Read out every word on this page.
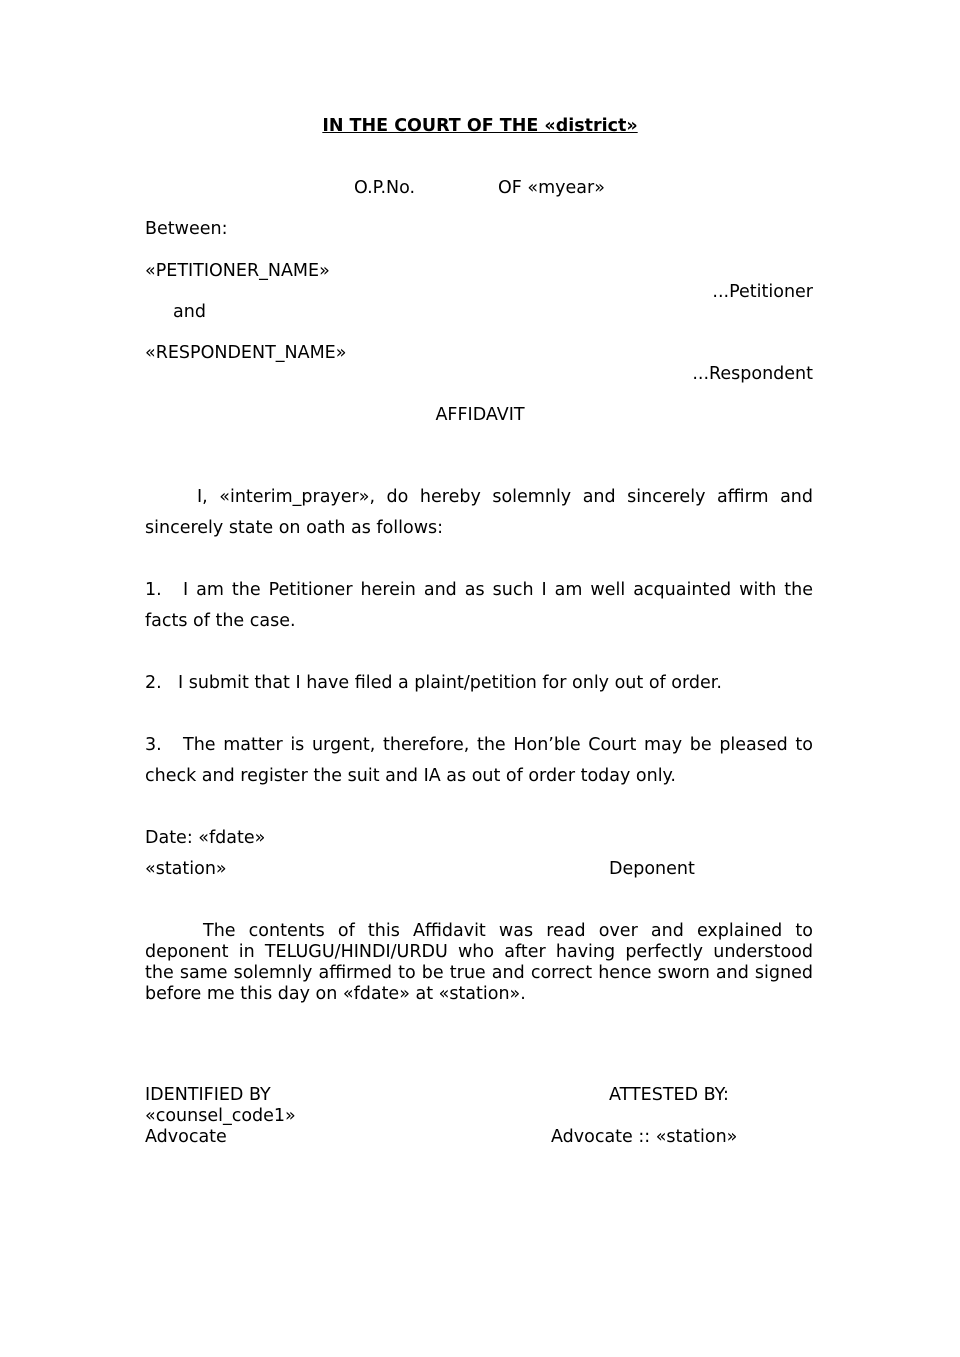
IN THE COURT OF THE «district»
O.P.No.	OF «myear»
Between:
«PETITIONER_NAME»
...Petitioner
and
«RESPONDENT_NAME»
...Respondent
AFFIDAVIT
I, «interim_prayer», do hereby solemnly and sincerely affirm and sincerely state on oath as follows:
1. I am the Petitioner herein and as such I am well acquainted with the facts of the case.
2. I submit that I have filed a plaint/petition for only out of order.
3. The matter is urgent, therefore, the Hon’ble Court may be pleased to check and register the suit and IA as out of order today only.
Date: «fdate»
«station»	Deponent
The contents of this Affidavit was read over and explained to deponent in TELUGU/HINDI/URDU who after having perfectly understood the same solemnly affirmed to be true and correct hence sworn and signed before me this day on «fdate» at «station».
IDENTIFIED BY
«counsel_code1»
Advocate
ATTESTED BY:
Advocate :: «station»
